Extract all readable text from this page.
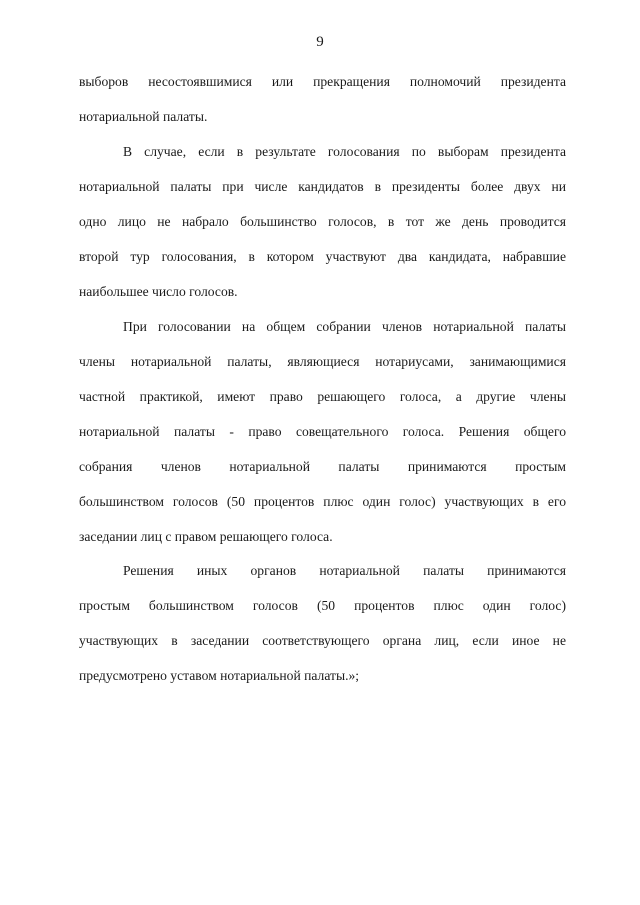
9
выборов несостоявшимися или прекращения полномочий президента
нотариальной палаты.
В случае, если в результате голосования по выборам президента
нотариальной палаты при числе кандидатов в президенты более двух ни
одно лицо не набрало большинство голосов, в тот же день проводится
второй тур голосования, в котором участвуют два кандидата, набравшие
наибольшее число голосов.
При голосовании на общем собрании членов нотариальной палаты
члены нотариальной палаты, являющиеся нотариусами, занимающимися
частной практикой, имеют право решающего голоса, а другие члены
нотариальной палаты - право совещательного голоса. Решения общего
собрания членов нотариальной палаты принимаются простым
большинством голосов (50 процентов плюс один голос) участвующих в его
заседании лиц с правом решающего голоса.
Решения иных органов нотариальной палаты принимаются
простым большинством голосов (50 процентов плюс один голос)
участвующих в заседании соответствующего органа лиц, если иное не
предусмотрено уставом нотариальной палаты.»;
